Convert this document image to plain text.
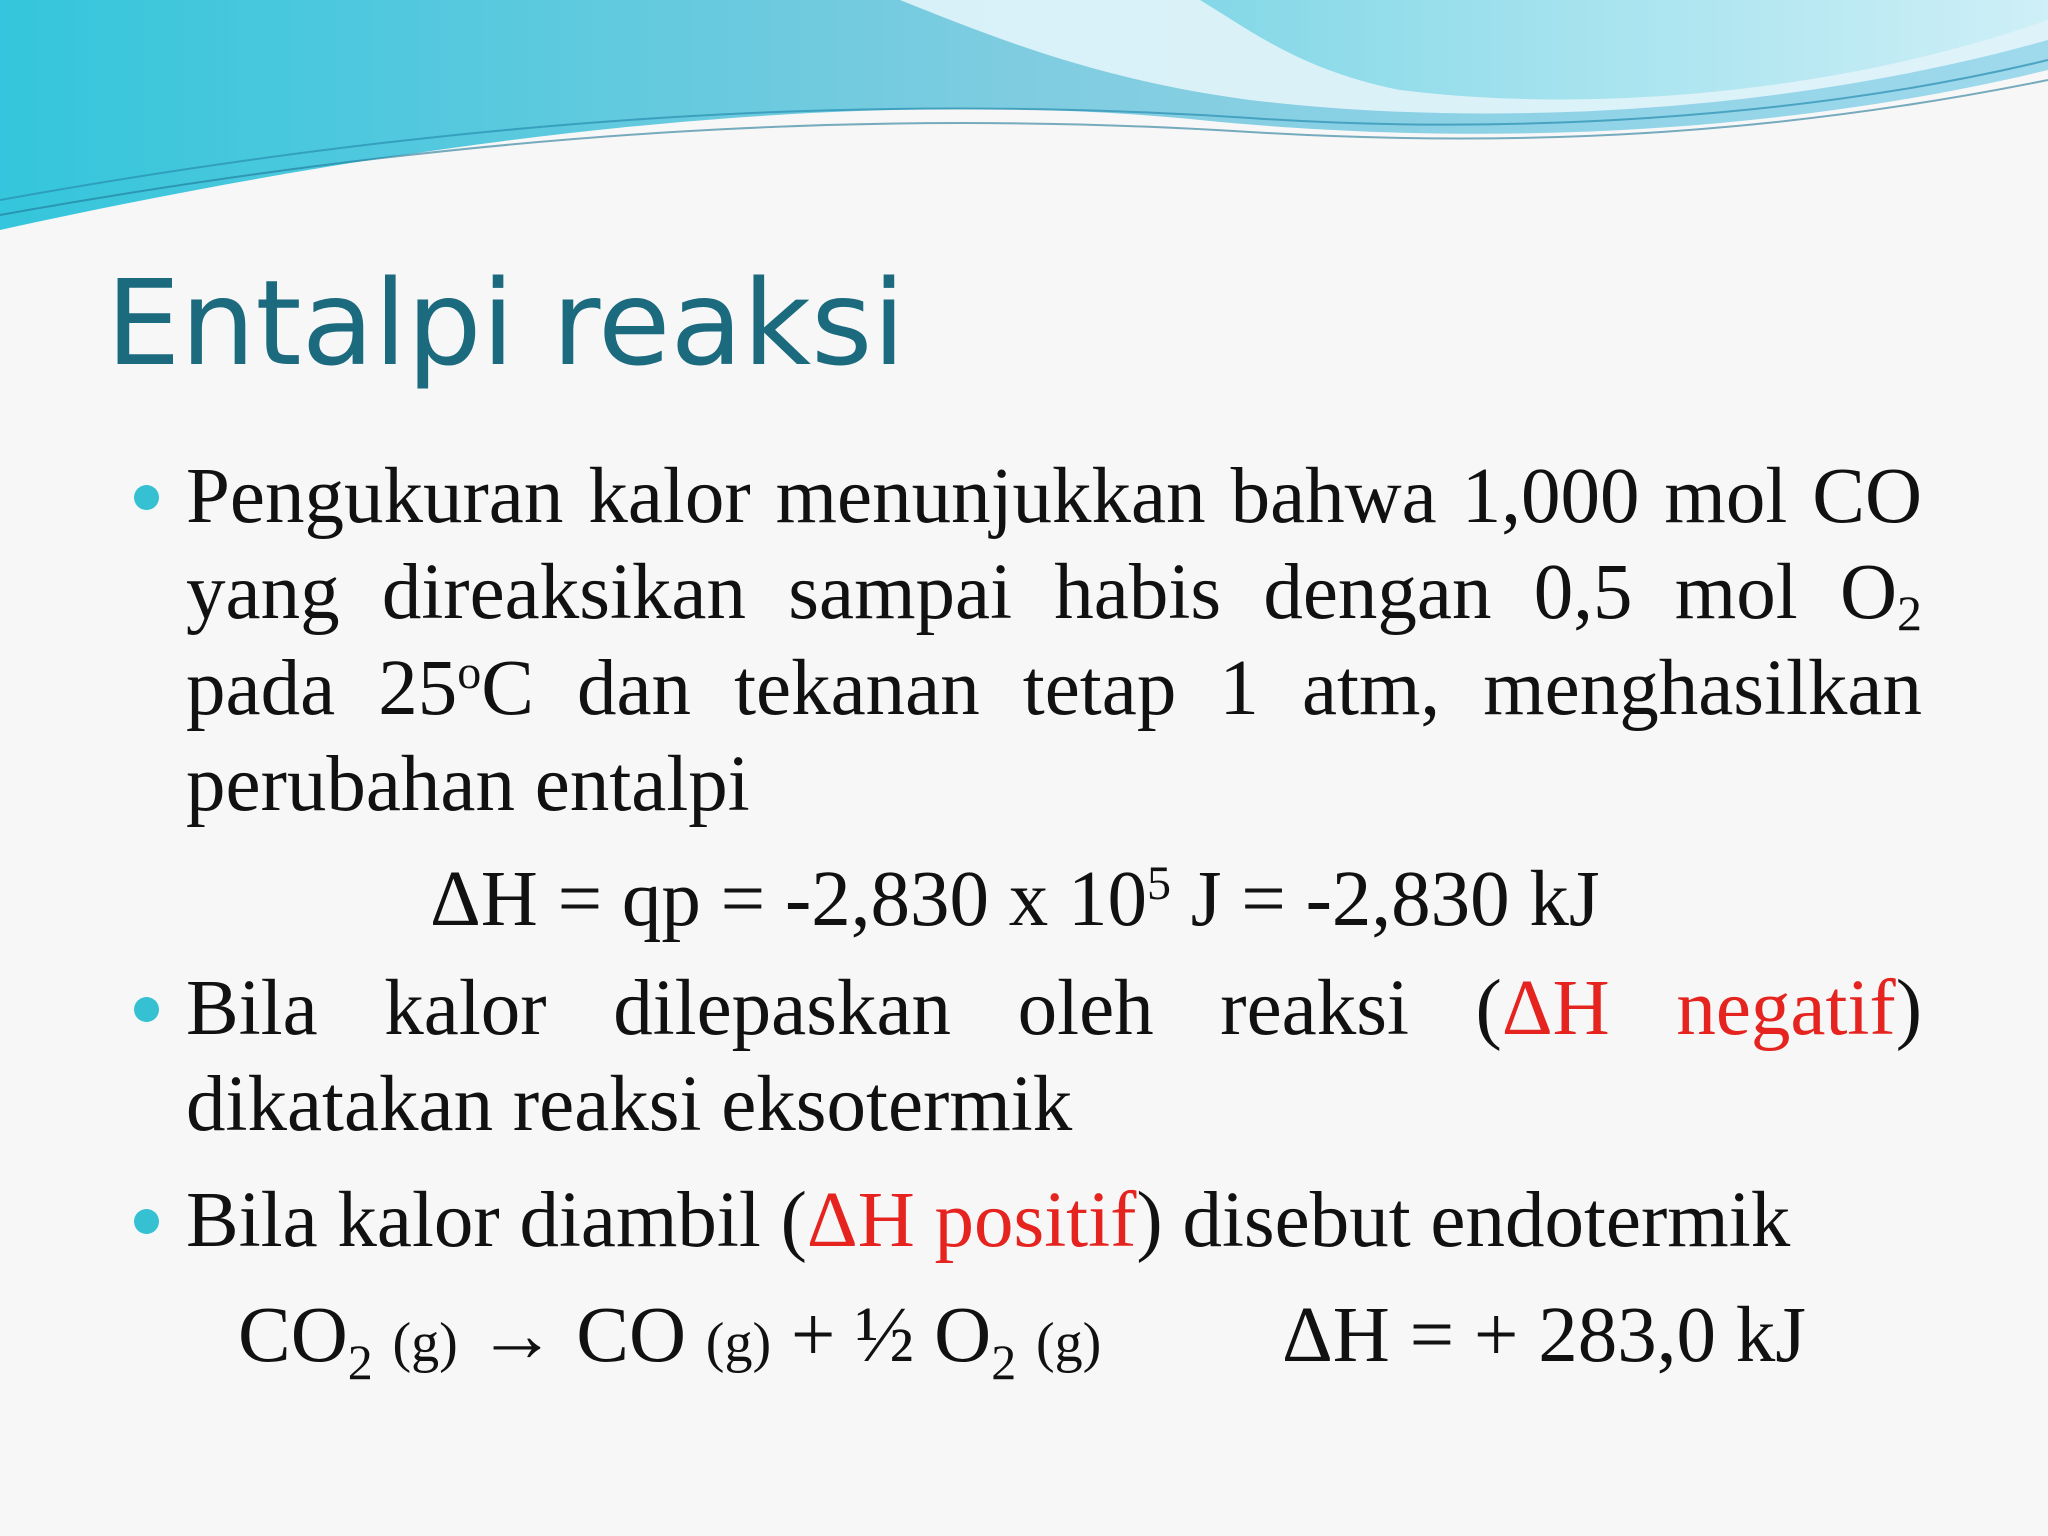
Entalpi reaksi
Pengukuran kalor menunjukkan bahwa 1,000 mol CO yang direaksikan sampai habis dengan 0,5 mol $O_2$ pada 25$^o$C dan tekanan tetap 1 atm, menghasilkan perubahan entalpi
ΔH = qp = -2,830 x $10^5$ J = -2,830 kJ
Bila kalor dilepaskan oleh reaksi (ΔH negatif) dikatakan reaksi eksotermik
Bila kalor diambil (ΔH positif) disebut endotermik
$CO_2$ (g) → CO (g) + ½ $O_2$ (g) ΔH = + 283,0 kJ
